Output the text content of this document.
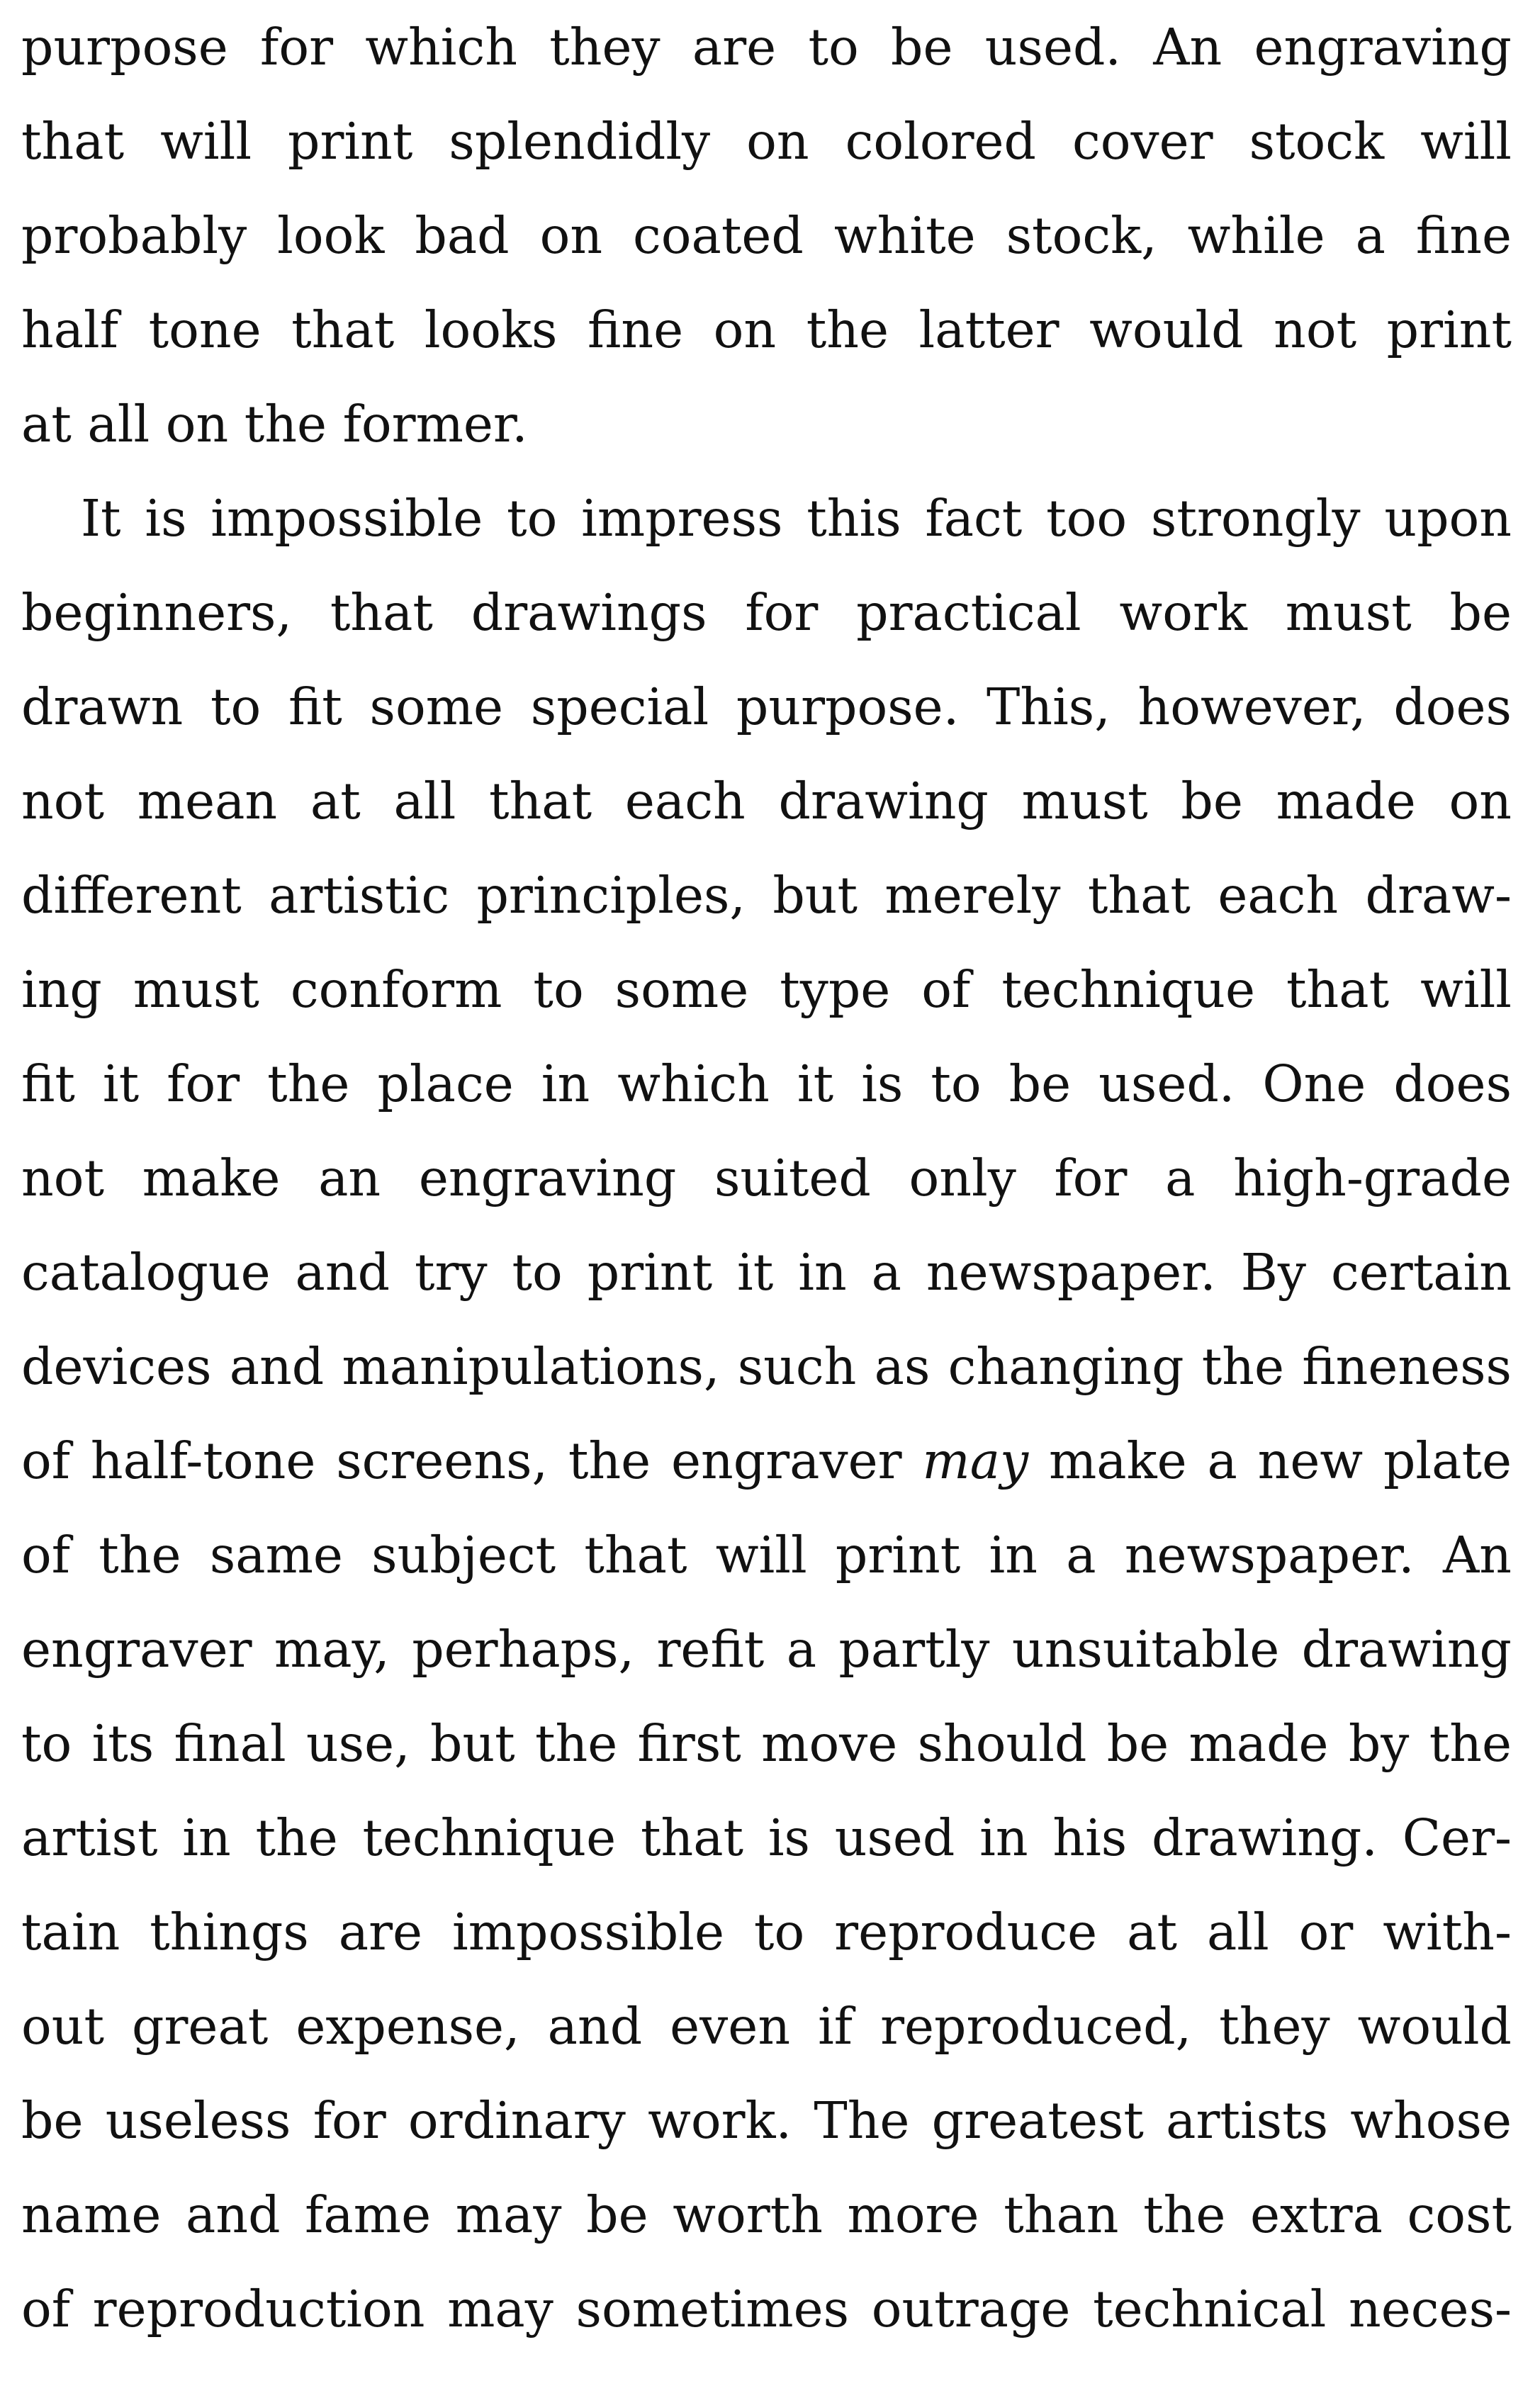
purpose for which they are to be used. An engraving
that will print splendidly on colored cover stock will
probably look bad on coated white stock, while a fine
half tone that looks fine on the latter would not print
at all on the former.
It is impossible to impress this fact too strongly upon
beginners, that drawings for practical work must be
drawn to fit some special purpose. This, however, does
not mean at all that each drawing must be made on
different artistic principles, but merely that each draw-
ing must conform to some type of technique that will
fit it for the place in which it is to be used. One does
not make an engraving suited only for a high-grade
catalogue and try to print it in a newspaper. By certain
devices and manipulations, such as changing the fineness
of half-tone screens, the engraver may make a new plate
of the same subject that will print in a newspaper. An
engraver may, perhaps, refit a partly unsuitable drawing
to its final use, but the first move should be made by the
artist in the technique that is used in his drawing. Cer-
tain things are impossible to reproduce at all or with-
out great expense, and even if reproduced, they would
be useless for ordinary work. The greatest artists whose
name and fame may be worth more than the extra cost
of reproduction may sometimes outrage technical neces-
